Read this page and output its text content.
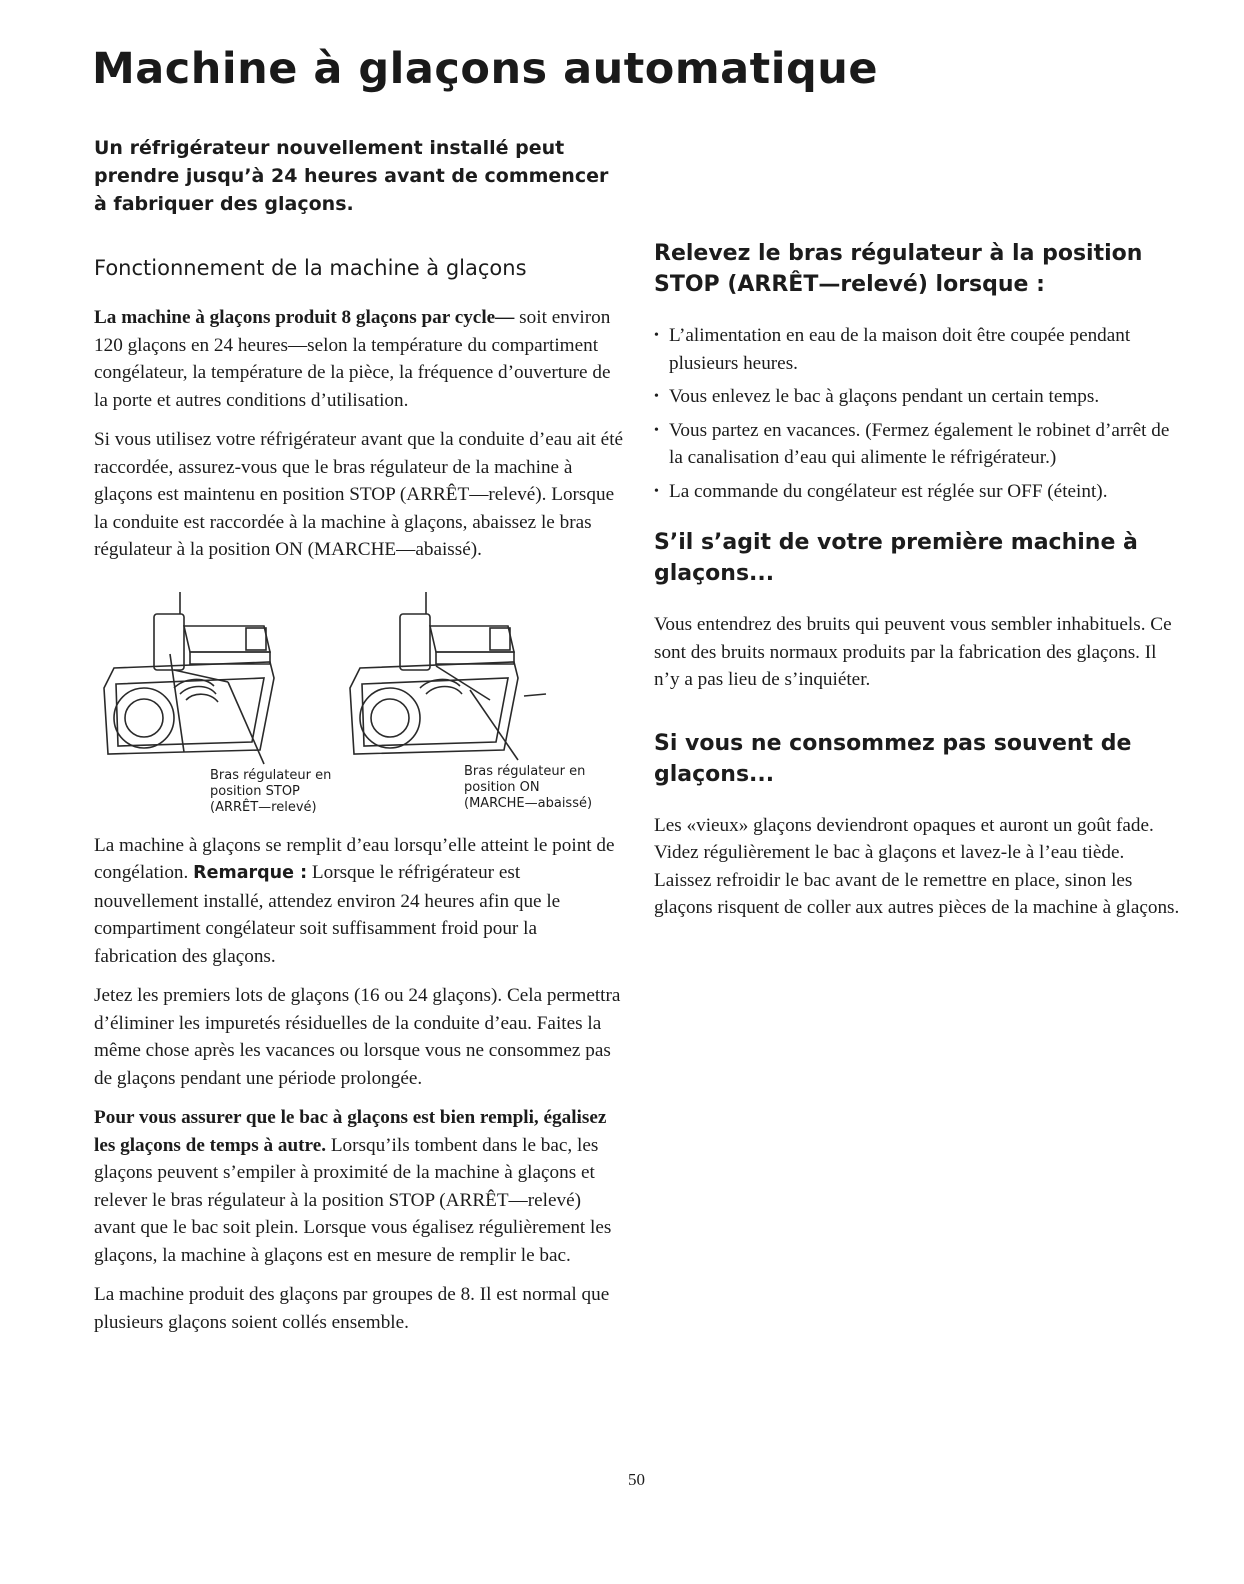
Machine à glaçons automatique

Un réfrigérateur nouvellement installé peut prendre jusqu’à 24 heures avant de commencer à fabriquer des glaçons.

Fonctionnement de la machine à glaçons

La machine à glaçons produit 8 glaçons par cycle— soit environ 120 glaçons en 24 heures—selon la température du compartiment congélateur, la température de la pièce, la fréquence d’ouverture de la porte et autres conditions d’utilisation.

Si vous utilisez votre réfrigérateur avant que la conduite d’eau ait été raccordée, assurez-vous que le bras régulateur de la machine à glaçons est maintenu en position STOP (ARRÊT—relevé). Lorsque la conduite est raccordée à la machine à glaçons, abaissez le bras régulateur à la position ON (MARCHE—abaissé).

Bras régulateur en
position STOP
(ARRÊT—relevé)
Bras régulateur en
position ON
(MARCHE—abaissé)

La machine à glaçons se remplit d’eau lorsqu’elle atteint le point de congélation. Remarque : Lorsque le réfrigérateur est nouvellement installé, attendez environ 24 heures afin que le compartiment congélateur soit suffisamment froid pour la fabrication des glaçons.

Jetez les premiers lots de glaçons (16 ou 24 glaçons). Cela permettra d’éliminer les impuretés résiduelles de la conduite d’eau. Faites la même chose après les vacances ou lorsque vous ne consommez pas de glaçons pendant une période prolongée.

Pour vous assurer que le bac à glaçons est bien rempli, égalisez les glaçons de temps à autre. Lorsqu’ils tombent dans le bac, les glaçons peuvent s’empiler à proximité de la machine à glaçons et relever le bras régulateur à la position STOP (ARRÊT—relevé) avant que le bac soit plein. Lorsque vous égalisez régulièrement les glaçons, la machine à glaçons est en mesure de remplir le bac.

La machine produit des glaçons par groupes de 8. Il est normal que plusieurs glaçons soient collés ensemble.

Relevez le bras régulateur à la position STOP (ARRÊT—relevé) lorsque :
• L’alimentation en eau de la maison doit être coupée pendant plusieurs heures.
• Vous enlevez le bac à glaçons pendant un certain temps.
• Vous partez en vacances. (Fermez également le robinet d’arrêt de la canalisation d’eau qui alimente le réfrigérateur.)
• La commande du congélateur est réglée sur OFF (éteint).
S’il s’agit de votre première machine à glaçons...

Vous entendrez des bruits qui peuvent vous sembler inhabituels. Ce sont des bruits normaux produits par la fabrication des glaçons. Il n’y a pas lieu de s’inquiéter.

Si vous ne consommez pas souvent de glaçons...

Les «vieux» glaçons deviendront opaques et auront un goût fade. Videz régulièrement le bac à glaçons et lavez-le à l’eau tiède. Laissez refroidir le bac avant de le remettre en place, sinon les glaçons risquent de coller aux autres pièces de la machine à glaçons.

50
